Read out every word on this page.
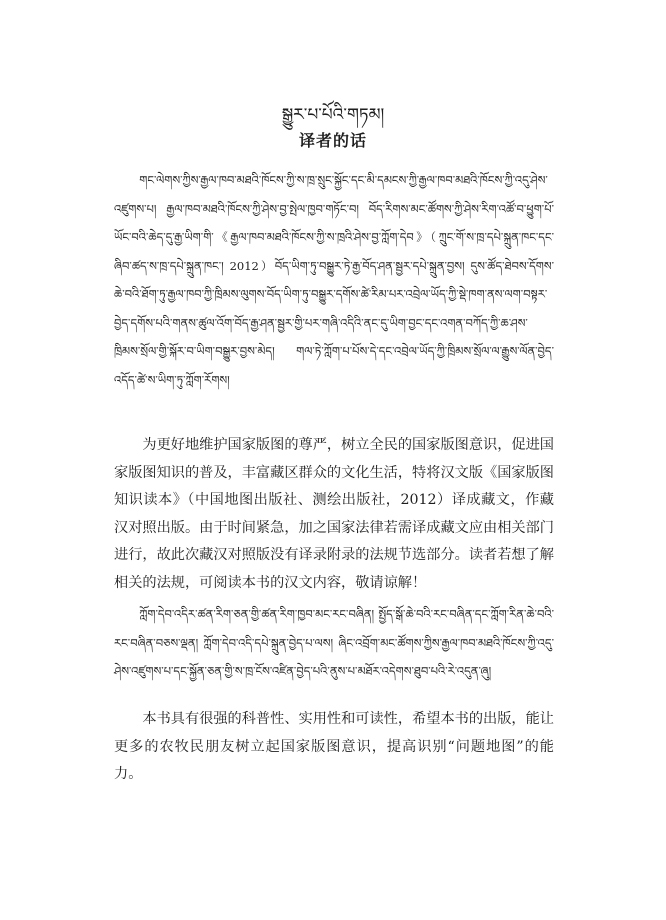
སྒྱུར་པ་པོའི་གཏམ།
译者的话

གང་ལེགས་ཀྱིས་རྒྱལ་ཁབ་མཐའི་ཁོངས་ཀྱི་ས་ཁྲ་སྲུང་སྐྱོང་དང་མི་དམངས་ཀྱི་རྒྱལ་ཁབ་མཐའི་ཁོངས་ཀྱི་འདུ་ཤེས་འཛུགས་པ། རྒྱལ་ཁབ་མཐའི་ཁོངས་ཀྱི་ཤེས་བྱ་སྤེལ་ཁྱབ་གཏོང་བ། བོད་རིགས་མང་ཚོགས་ཀྱི་ཤེས་རིག་འཚོ་བ་ཕྱུག་པོ་ཡོང་བའི་ཆེད་དུ་རྒྱ་ཡིག་གི་《རྒྱལ་ཁབ་མཐའི་ཁོངས་ཀྱི་ས་ཁྲའི་ཤེས་བྱ་ཀློག་དེབ》（ཀྲུང་གོ་ས་ཁྲ་དཔེ་སྐྲུན་ཁང་དང་ཞིབ་ཚད་ས་ཁྲ་དཔེ་སྐྲུན་ཁང་། 2012）བོད་ཡིག་ཏུ་བསྒྱུར་ཏེ་རྒྱ་བོད་ཤན་སྦྱར་དཔེ་སྐྲུན་བྱས། དུས་ཚོད་ཐེབས་དོགས་ཆེ་བའི་ཐོག་ཏུ་རྒྱལ་ཁབ་ཀྱི་ཁྲིམས་ལུགས་བོད་ཡིག་ཏུ་བསྒྱུར་དགོས་ཚེ་རིམ་པར་འབྲེལ་ཡོད་ཀྱི་སྡེ་ཁག་ནས་ལག་བསྟར་བྱེད་དགོས་པའི་གནས་ཚུལ་འོག་བོད་རྒྱ་ཤན་སྦྱར་གྱི་པར་གཞི་འདིའི་ནང་དུ་ཡིག་བྱང་དང་འགན་བཀོད་ཀྱི་ཆ་ཤས་ཁྲིམས་སྲོལ་གྱི་སྐོར་བ་ཡིག་བསྒྱུར་བྱས་མེད། གལ་ཏེ་ཀློག་པ་པོས་དེ་དང་འབྲེལ་ཡོད་ཀྱི་ཁྲིམས་སྲོལ་ལ་རྒྱུས་ལོན་བྱེད་འདོད་ཚེ་ས་ཡིག་ཏུ་ཀློག་རོགས།

为更好地维护国家版图的尊严，树立全民的国家版图意识，促进国家版图知识的普及，丰富藏区群众的文化生活，特将汉文版《国家版图知识读本》（中国地图出版社、测绘出版社，2012）译成藏文，作藏汉对照出版。由于时间紧急，加之国家法律若需译成藏文应由相关部门进行，故此次藏汉对照版没有译录附录的法规节选部分。读者若想了解相关的法规，可阅读本书的汉文内容，敬请谅解！

ཀློག་དེབ་འདིར་ཚན་རིག་ཅན་གྱི་ཚན་རིག་ཁྱབ་མང་རང་བཞིན། སྤྱོད་སྒོ་ཆེ་བའི་རང་བཞིན་དང་ཀློག་རིན་ཆེ་བའི་རང་བཞིན་བཅས་ལྡན། ཀློག་དེབ་འདི་དཔེ་སྐྲུན་བྱེད་པ་ལས། ཞིང་འབྲོག་མང་ཚོགས་ཀྱིས་རྒྱལ་ཁབ་མཐའི་ཁོངས་ཀྱི་འདུ་ཤེས་འཛུགས་པ་དང་སྐྱོན་ཅན་གྱི་ས་ཁྲ་ངོས་འཛིན་བྱེད་པའི་ནུས་པ་མཐོར་འདེགས་ཐུབ་པའི་རེ་འདུན་ཞུ།

本书具有很强的科普性、实用性和可读性，希望本书的出版，能让更多的农牧民朋友树立起国家版图意识，提高识别“问题地图”的能力。
